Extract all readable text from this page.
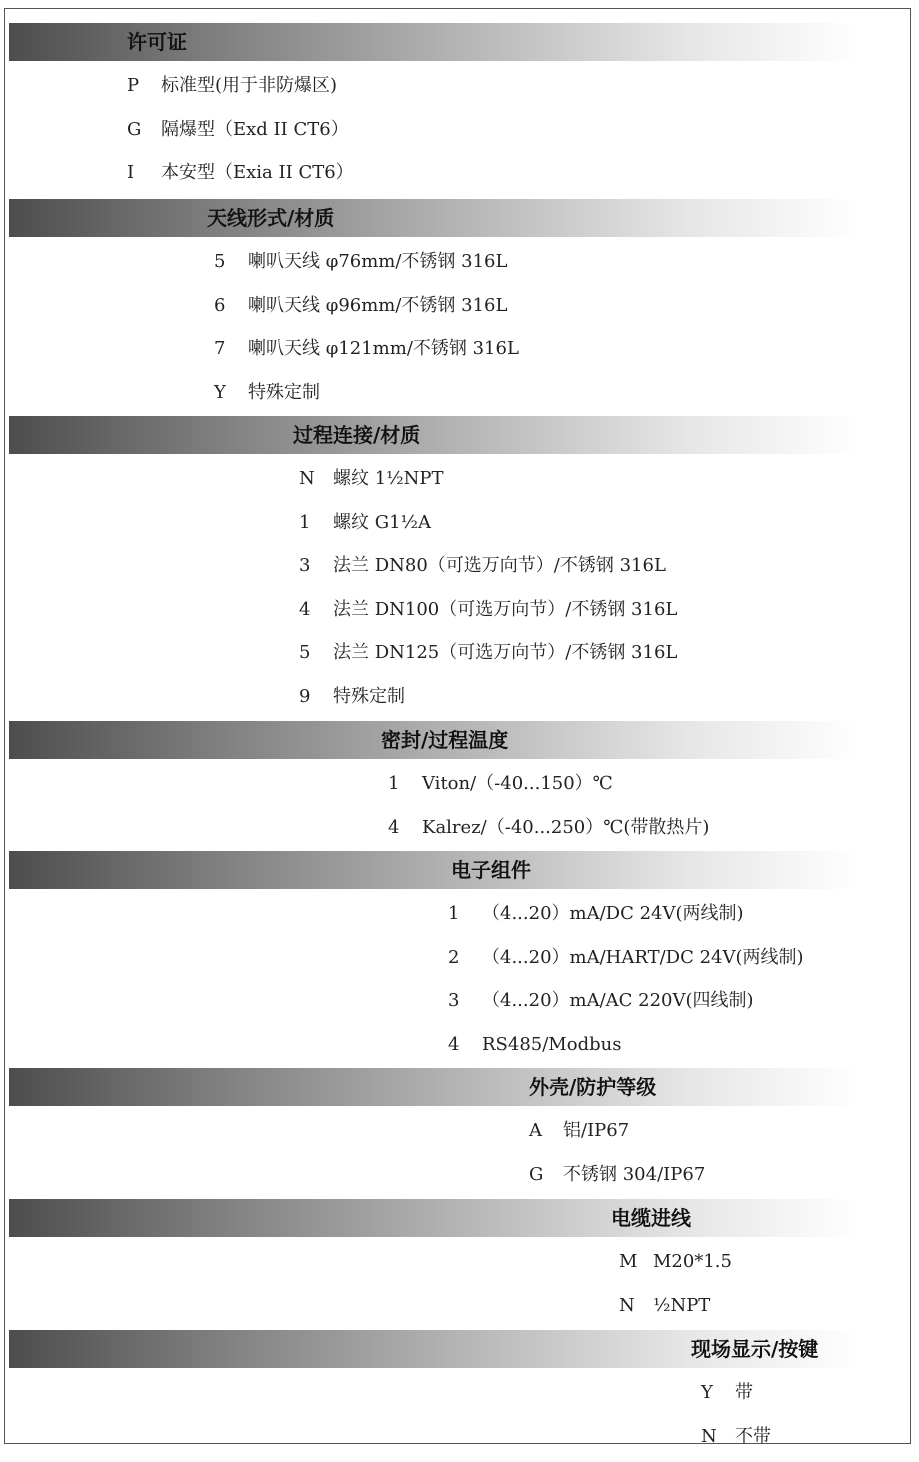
许可证
P 标准型(用于非防爆区)
G 隔爆型（Exd II CT6）
I 本安型（Exia II CT6）
天线形式/材质
5 喇叭天线 φ76mm/不锈钢 316L
6 喇叭天线 φ96mm/不锈钢 316L
7 喇叭天线 φ121mm/不锈钢 316L
Y 特殊定制
过程连接/材质
N 螺纹 1½NPT
1 螺纹 G1½A
3 法兰 DN80（可选万向节）/不锈钢 316L
4 法兰 DN100（可选万向节）/不锈钢 316L
5 法兰 DN125（可选万向节）/不锈钢 316L
9 特殊定制
密封/过程温度
1 Viton/（-40...150）℃
4 Kalrez/（-40...250）℃(带散热片)
电子组件
1 （4...20）mA/DC 24V(两线制)
2 （4...20）mA/HART/DC 24V(两线制)
3 （4...20）mA/AC 220V(四线制)
4 RS485/Modbus
外壳/防护等级
A 铝/IP67
G 不锈钢 304/IP67
电缆进线
M M20*1.5
N ½NPT
现场显示/按键
Y 带
N 不带
